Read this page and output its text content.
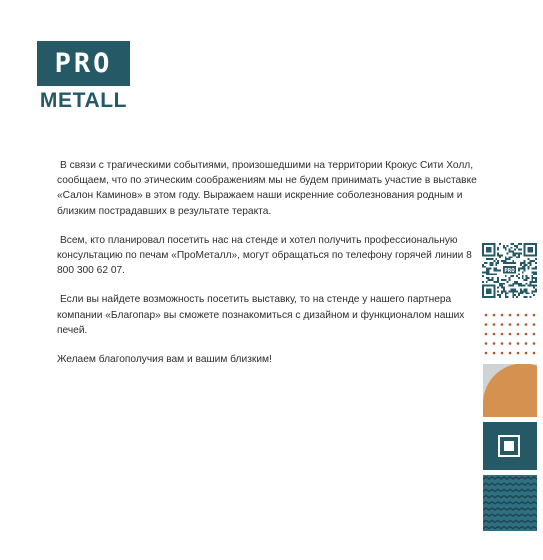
PRO
METALL

В связи с трагическими событиями, произошедшими на территории Крокус Сити Холл, сообщаем, что по этическим соображениям мы не будем принимать участие в выставке «Салон Каминов» в этом году. Выражаем наши искренние соболезнования родным и близким пострадавших в результате теракта.

Всем, кто планировал посетить нас на стенде и хотел получить профессиональную консультацию по печам «ПроМеталл», могут обращаться по телефону горячей линии 8 800 300 62 07.

Если вы найдете возможность посетить выставку, то на стенде у нашего партнера компании «Благопар» вы сможете познакомиться с дизайном и функционалом наших печей.

Желаем благополучия вам и вашим близким!

PRO
